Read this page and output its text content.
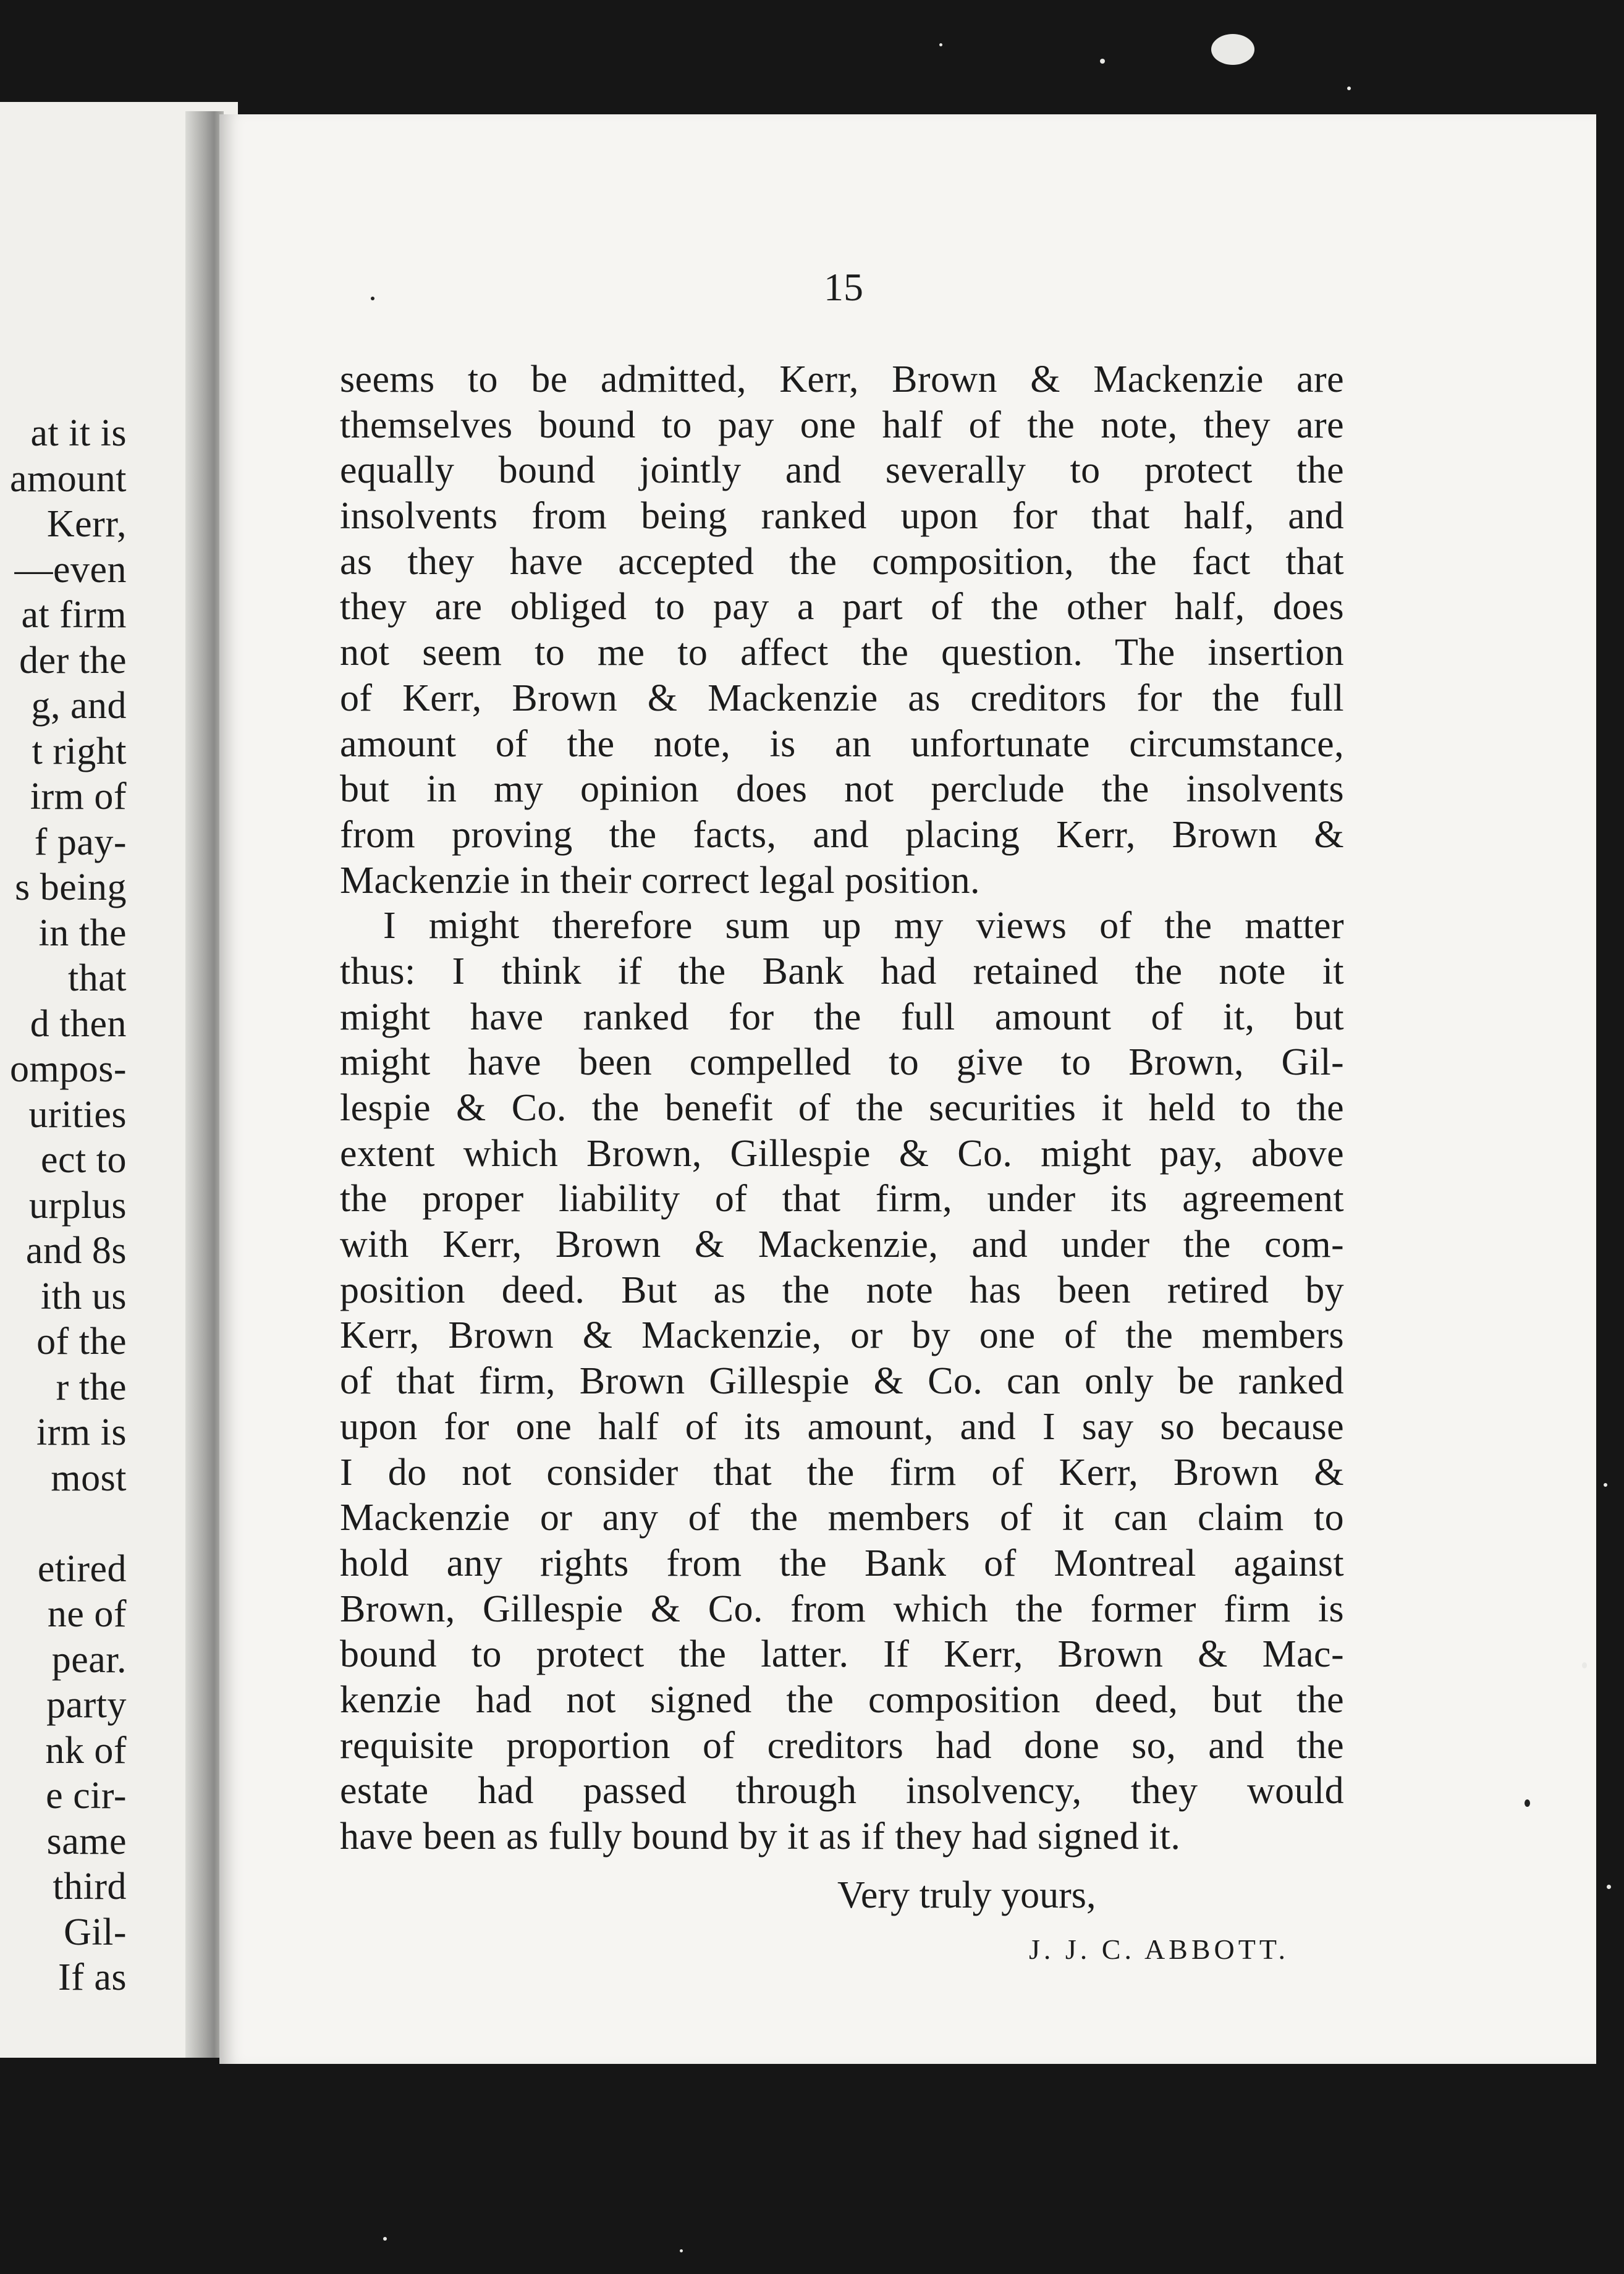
at it is
amount
Kerr,
—even
at firm
der the
g, and
t right
irm of
f pay-
s being
in the
that
d then
ompos-
urities
ect to
urplus
and 8s
ith us
of the
r the
irm is
most
etired
ne of
pear.
party
nk of
e cir-
same
third
Gil-
If as
15
seems to be admitted, Kerr, Brown & Mackenzie are
themselves bound to pay one half of the note, they are
equally bound jointly and severally to protect the
insolvents from being ranked upon for that half, and
as they have accepted the composition, the fact that
they are obliged to pay a part of the other half, does
not seem to me to affect the question. The insertion
of Kerr, Brown & Mackenzie as creditors for the full
amount of the note, is an unfortunate circumstance,
but in my opinion does not perclude the insolvents
from proving the facts, and placing Kerr, Brown &
Mackenzie in their correct legal position.
I might therefore sum up my views of the matter
thus: I think if the Bank had retained the note it
might have ranked for the full amount of it, but
might have been compelled to give to Brown, Gil-
lespie & Co. the benefit of the securities it held to the
extent which Brown, Gillespie & Co. might pay, above
the proper liability of that firm, under its agreement
with Kerr, Brown & Mackenzie, and under the com-
position deed. But as the note has been retired by
Kerr, Brown & Mackenzie, or by one of the members
of that firm, Brown Gillespie & Co. can only be ranked
upon for one half of its amount, and I say so because
I do not consider that the firm of Kerr, Brown &
Mackenzie or any of the members of it can claim to
hold any rights from the Bank of Montreal against
Brown, Gillespie & Co. from which the former firm is
bound to protect the latter. If Kerr, Brown & Mac-
kenzie had not signed the composition deed, but the
requisite proportion of creditors had done so, and the
estate had passed through insolvency, they would
have been as fully bound by it as if they had signed it.
Very truly yours,
J. J. C. ABBOTT.
